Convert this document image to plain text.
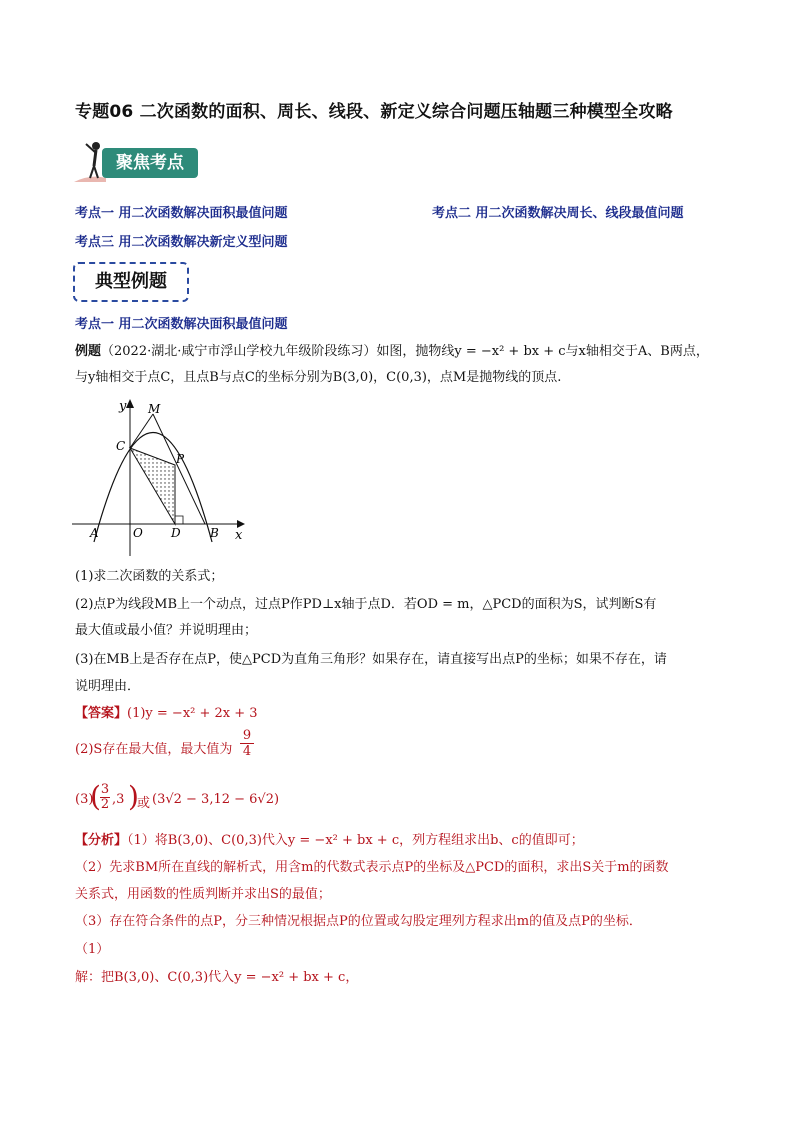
专题06 二次函数的面积、周长、线段、新定义综合问题压轴题三种模型全攻略
聚焦考点
考点一 用二次函数解决面积最值问题	考点二 用二次函数解决周长、线段最值问题
考点三 用二次函数解决新定义型问题
典型例题
考点一 用二次函数解决面积最值问题
例题（2022·湖北·咸宁市浮山学校九年级阶段练习）如图，抛物线y = −x² + bx + c与x轴相交于A、B两点，
与y轴相交于点C，且点B与点C的坐标分别为B(3,0)，C(0,3)，点M是抛物线的顶点.
y
x
M
C
P
A	O D B
(1)求二次函数的关系式；
(2)点P为线段MB上一个动点，过点P作PD⊥x轴于点D．若OD = m，△PCD的面积为S，试判断S有
最大值或最小值？并说明理由；
(3)在MB上是否存在点P，使△PCD为直角三角形？如果存在，请直接写出点P的坐标；如果不存在，请
说明理由．
【答案】(1)y = −x² + 2x + 3
(2)S存在最大值，最大值为 $\frac{9}{4}$
(3)
( $\frac{3}{2} ,3$ )
或 (3√2 − 3,12 − 6√2)
【分析】（1）将B(3,0)、C(0,3)代入y = −x² + bx + c，列方程组求出b、c的值即可；
（2）先求BM所在直线的解析式，用含m的代数式表示点P的坐标及△PCD的面积，求出S关于m的函数
关系式，用函数的性质判断并求出S的最值；
（3）存在符合条件的点P，分三种情况根据点P的位置或勾股定理列方程求出m的值及点P的坐标．
（1）
解：把B(3,0)、C(0,3)代入y = −x² + bx + c，
